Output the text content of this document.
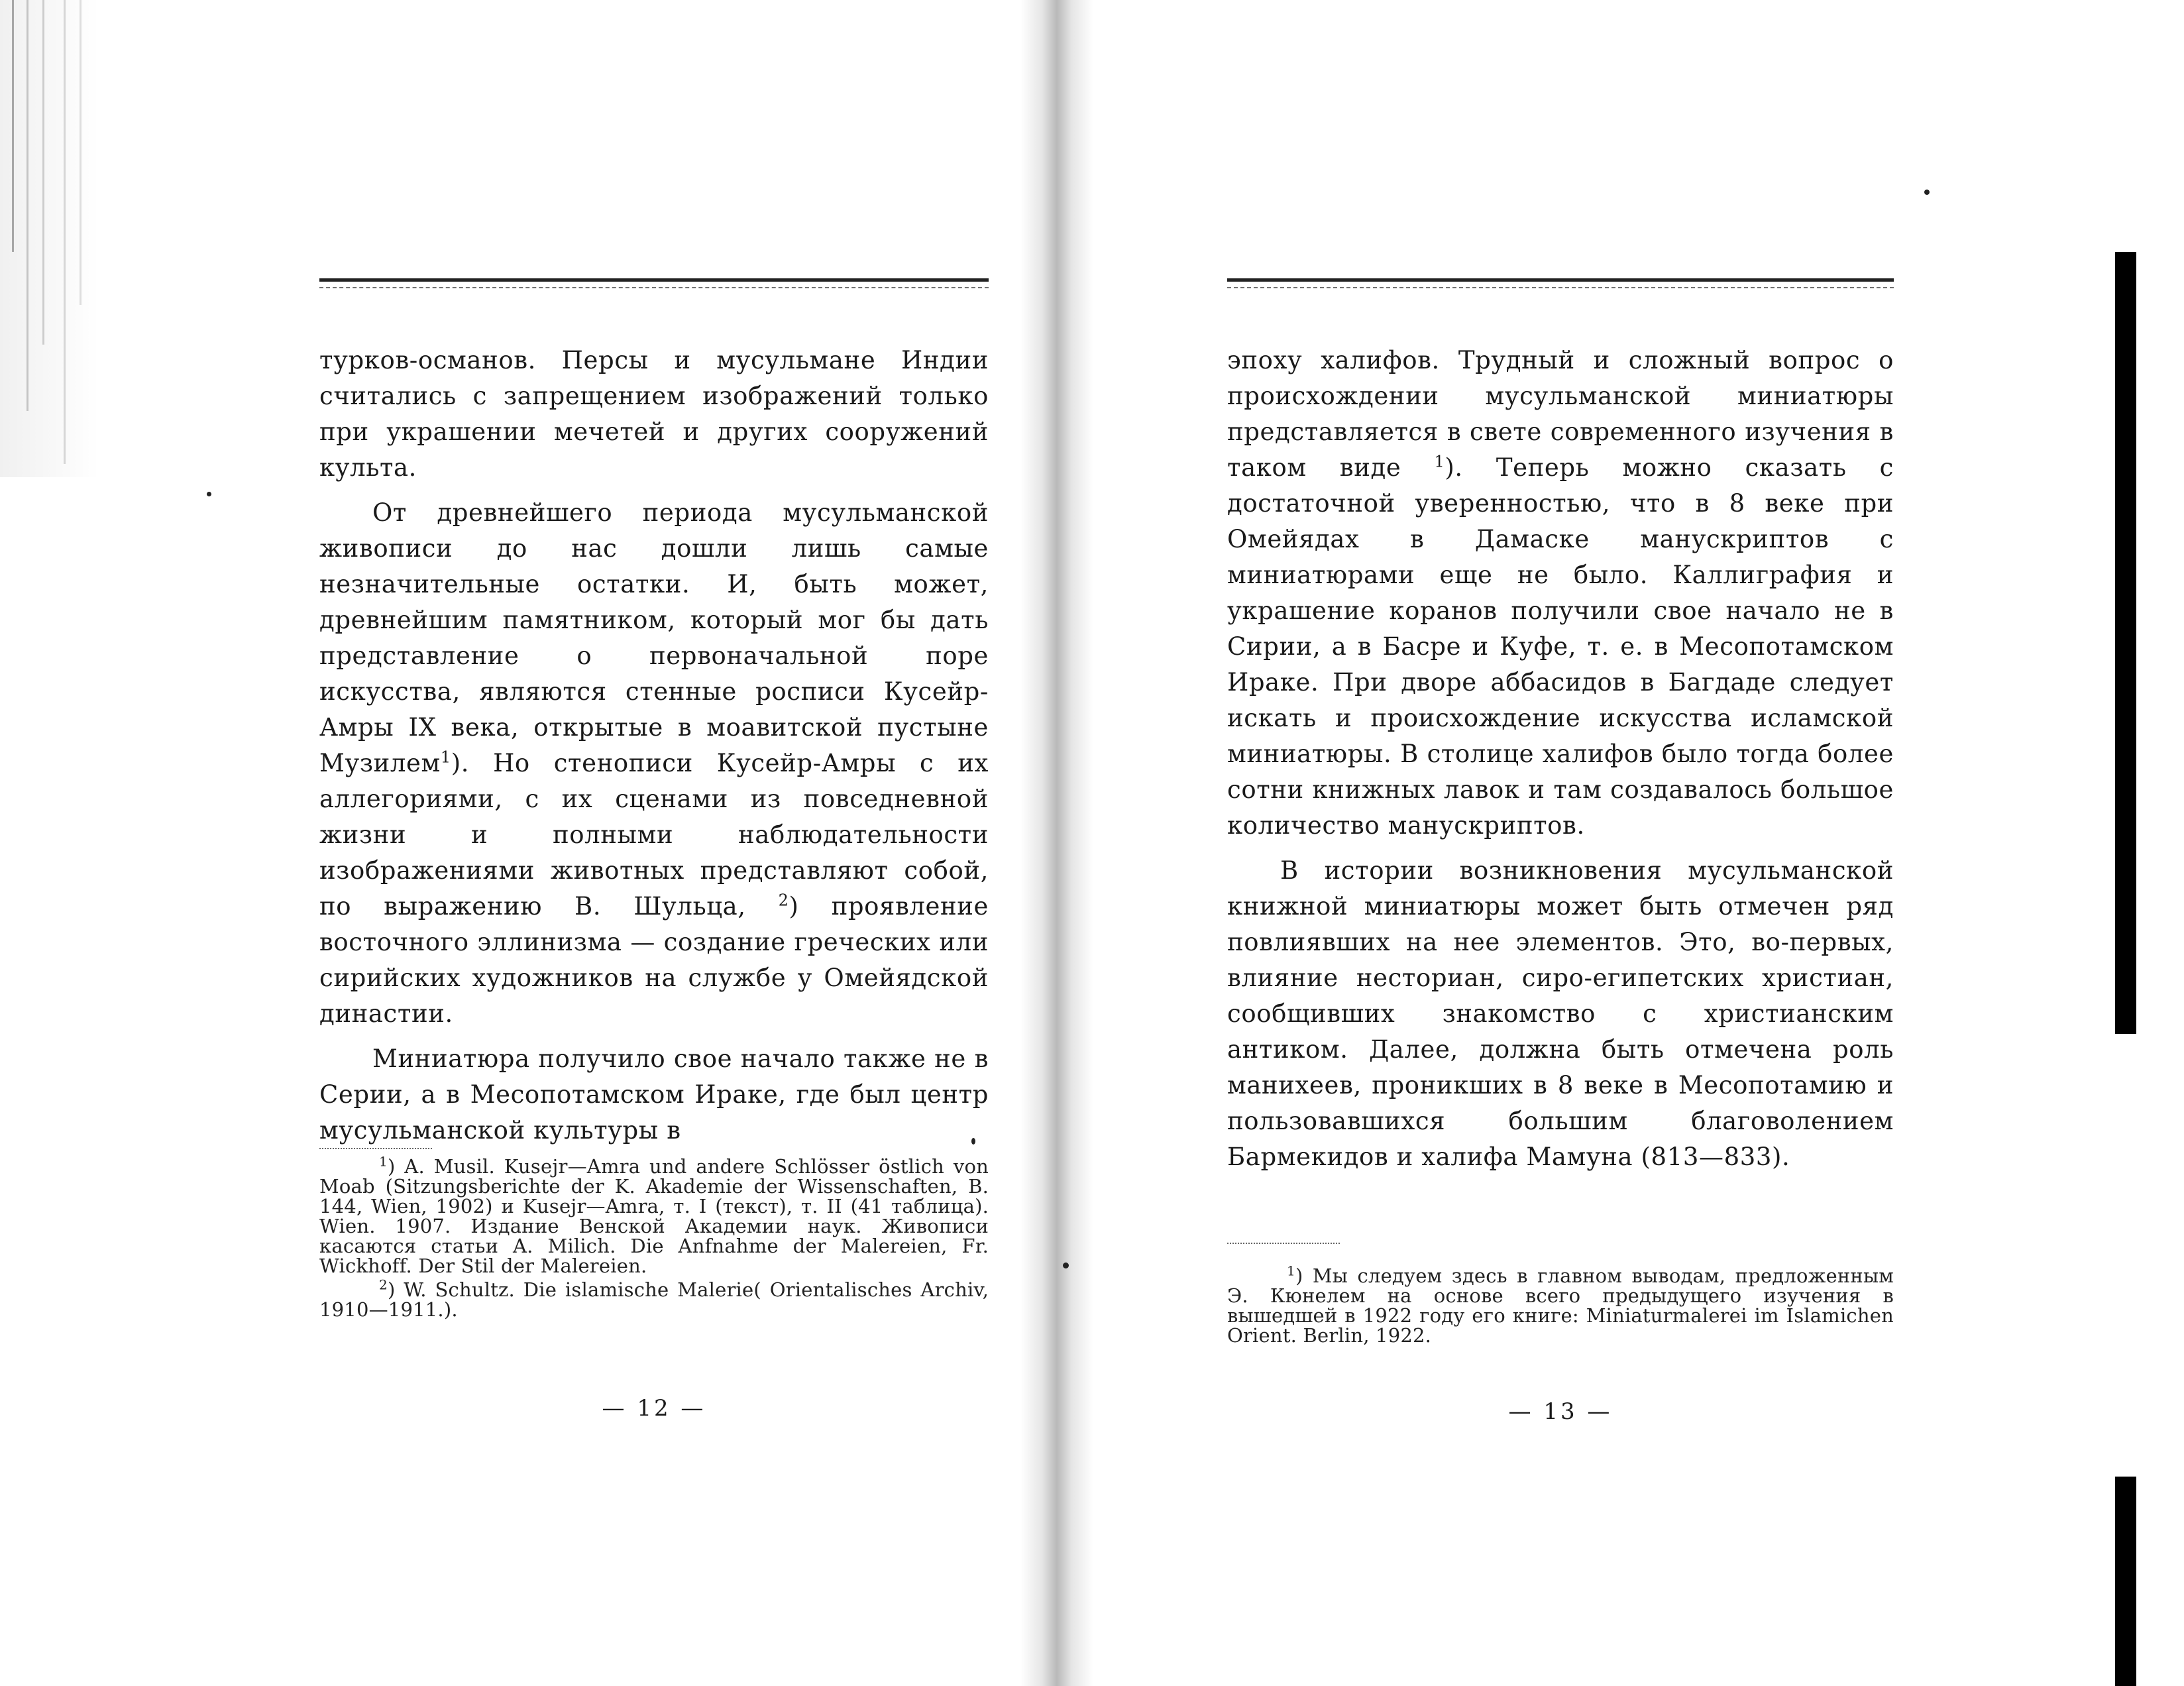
турков-османов. Персы и мусульмане Индии считались с запрещением изображений только при украшении мечетей и других сооружений культа.

От древнейшего периода мусульманской живописи до нас дошли лишь самые незначительные остатки. И, быть может, древнейшим памятником, который мог бы дать представление о первоначальной поре искусства, являются стенные росписи Кусейр-Амры IX века, открытые в моавитской пустыне Музилем$^1$). Но стенописи Кусейр-Амры с их аллегориями, с их сценами из повседневной жизни и полными наблюдательности изображениями животных представляют собой, по выражению В. Шульца, $^2$) проявление восточного эллинизма — создание греческих или сирийских художников на службе у Омейядской династии.

Миниатюра получило свое начало также не в Серии, а в Месопотамском Ираке, где был центр мусульманской культуры в

$^1$) A. Musil. Kusejr—Amra und andere Schlösser östlich von Moab (Sitzungsberichte der K. Akademie der Wissenschaften, B. 144, Wien, 1902) и Kusejr—Amra, т. I (текст), т. II (41 таблица). Wien. 1907. Издание Венской Академии наук. Живописи касаются статьи A. Milich. Die Anfnahme der Malereien, Fr. Wickhoff. Der Stil der Malereien.

$^2$) W. Schultz. Die islamische Malerie( Orientalisches Archiv, 1910—1911.).

— 12 —

эпоху халифов. Трудный и сложный вопрос о происхождении мусульманской миниатюры представляется в свете современного изучения в таком виде $^1$). Теперь можно сказать с достаточной уверенностью, что в 8 веке при Омейядах в Дамаске манускриптов с миниатюрами еще не было. Каллиграфия и украшение коранов получили свое начало не в Сирии, а в Басре и Куфе, т. е. в Месопотамском Ираке. При дворе аббасидов в Багдаде следует искать и происхождение искусства исламской миниатюры. В столице халифов было тогда более сотни книжных лавок и там создавалось большое количество манускриптов.

В истории возникновения мусульманской книжной миниатюры может быть отмечен ряд повлиявших на нее элементов. Это, во-первых, влияние несториан, сиро-египетских христиан, сообщивших знакомство с христианским антиком. Далее, должна быть отмечена роль манихеев, проникших в 8 веке в Месопотамию и пользовавшихся большим благоволением Бармекидов и халифа Мамуна (813—833).

$^1$) Мы следуем здесь в главном выводам, предложенным Э. Кюнелем на основе всего предыдущего изучения в вышедшей в 1922 году его книге: Miniaturmalerei im Islamichen Orient. Berlin, 1922.

— 13 —
